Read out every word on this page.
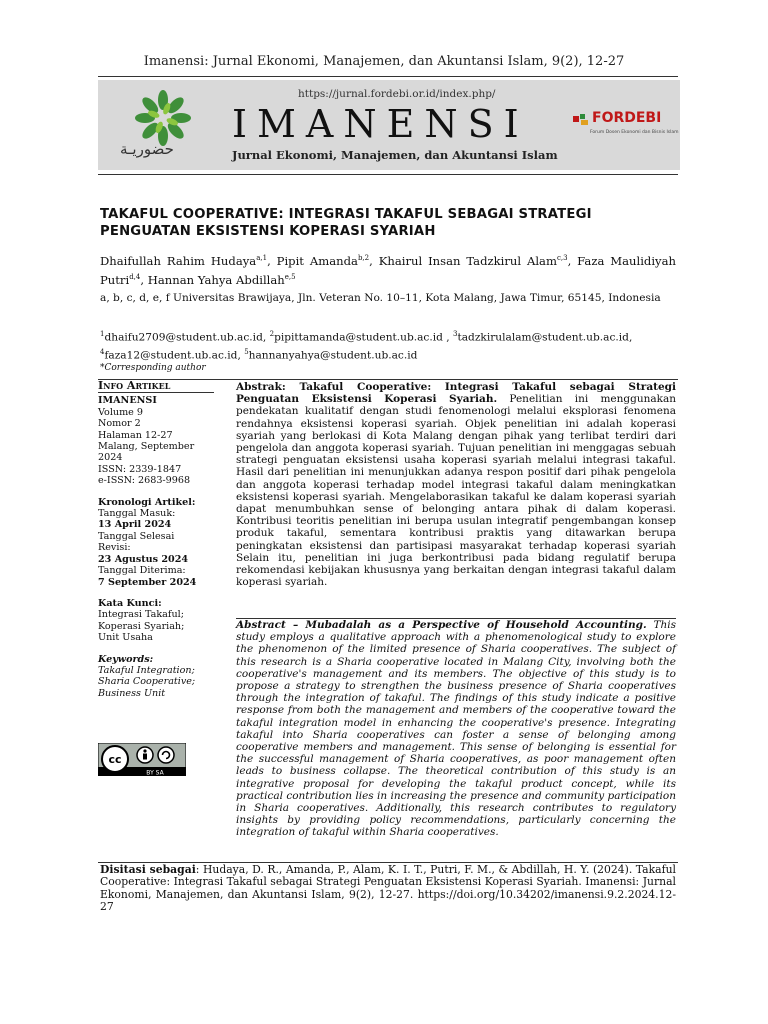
Imanensi: Jurnal Ekonomi, Manajemen, dan Akuntansi Islam, 9(2), 12-27
حضوريـة
https://jurnal.fordebi.or.id/index.php/
IMANENSI
Jurnal Ekonomi, Manajemen, dan Akuntansi Islam
FORDEBI
Forum Dosen Ekonomi dan Bisnis Islam
TAKAFUL COOPERATIVE: INTEGRASI TAKAFUL SEBAGAI STRATEGI PENGUATAN EKSISTENSI KOPERASI SYARIAH
Dhaifullah Rahim Hudaya$^{a,1}$, Pipit Amanda$^{b,2}$, Khairul Insan Tadzkirul Alam$^{c,3}$, Faza Maulidiyah Putri$^{d,4}$, Hannan Yahya Abdillah$^{e,5}$
a, b, c, d, e, f Universitas Brawijaya, Jln. Veteran No. 10–11, Kota Malang, Jawa Timur, 65145, Indonesia
$^1$dhaifu2709@student.ub.ac.id, $^2$pipittamanda@student.ub.ac.id , $^3$tadzkirulalam@student.ub.ac.id, $^4$faza12@student.ub.ac.id, $^5$hannanyahya@student.ub.ac.id
*Corresponding author
Info Artikel
IMANENSI
Volume 9
Nomor 2
Halaman 12-27
Malang, September
2024
ISSN: 2339-1847
e-ISSN: 2683-9968
Kronologi Artikel:
Tanggal Masuk:
13 April 2024
Tanggal Selesai
Revisi:
23 Agustus 2024
Tanggal Diterima:
7 September 2024
Kata Kunci:
Integrasi Takaful;
Koperasi Syariah;
Unit Usaha
Keywords:
Takaful Integration;
Sharia Cooperative;
Business Unit
cc
BY SA
Abstrak: Takaful Cooperative: Integrasi Takaful sebagai Strategi Penguatan Eksistensi Koperasi Syariah. Penelitian ini menggunakan pendekatan kualitatif dengan studi fenomenologi melalui eksplorasi fenomena rendahnya eksistensi koperasi syariah. Objek penelitian ini adalah koperasi syariah yang berlokasi di Kota Malang dengan pihak yang terlibat terdiri dari pengelola dan anggota koperasi syariah. Tujuan penelitian ini menggagas sebuah strategi penguatan eksistensi usaha koperasi syariah melalui integrasi takaful. Hasil dari penelitian ini menunjukkan adanya respon positif dari pihak pengelola dan anggota koperasi terhadap model integrasi takaful dalam meningkatkan eksistensi koperasi syariah. Mengelaborasikan takaful ke dalam koperasi syariah dapat menumbuhkan sense of belonging antara pihak di dalam koperasi. Kontribusi teoritis penelitian ini berupa usulan integratif pengembangan konsep produk takaful, sementara kontribusi praktis yang ditawarkan berupa peningkatan eksistensi dan partisipasi masyarakat terhadap koperasi syariah Selain itu, penelitian ini juga berkontribusi pada bidang regulatif berupa rekomendasi kebijakan khususnya yang berkaitan dengan integrasi takaful dalam koperasi syariah.
Abstract – Mubadalah as a Perspective of Household Accounting. This study employs a qualitative approach with a phenomenological study to explore the phenomenon of the limited presence of Sharia cooperatives. The subject of this research is a Sharia cooperative located in Malang City, involving both the cooperative's management and its members. The objective of this study is to propose a strategy to strengthen the business presence of Sharia cooperatives through the integration of takaful. The findings of this study indicate a positive response from both the management and members of the cooperative toward the takaful integration model in enhancing the cooperative's presence. Integrating takaful into Sharia cooperatives can foster a sense of belonging among cooperative members and management. This sense of belonging is essential for the successful management of Sharia cooperatives, as poor management often leads to business collapse. The theoretical contribution of this study is an integrative proposal for developing the takaful product concept, while its practical contribution lies in increasing the presence and community participation in Sharia cooperatives. Additionally, this research contributes to regulatory insights by providing policy recommendations, particularly concerning the integration of takaful within Sharia cooperatives.
Disitasi sebagai: Hudaya, D. R., Amanda, P., Alam, K. I. T., Putri, F. M., & Abdillah, H. Y. (2024). Takaful Cooperative: Integrasi Takaful sebagai Strategi Penguatan Eksistensi Koperasi Syariah. Imanensi: Jurnal Ekonomi, Manajemen, dan Akuntansi Islam, 9(2), 12-27. https://doi.org/10.34202/imanensi.9.2.2024.12-27
